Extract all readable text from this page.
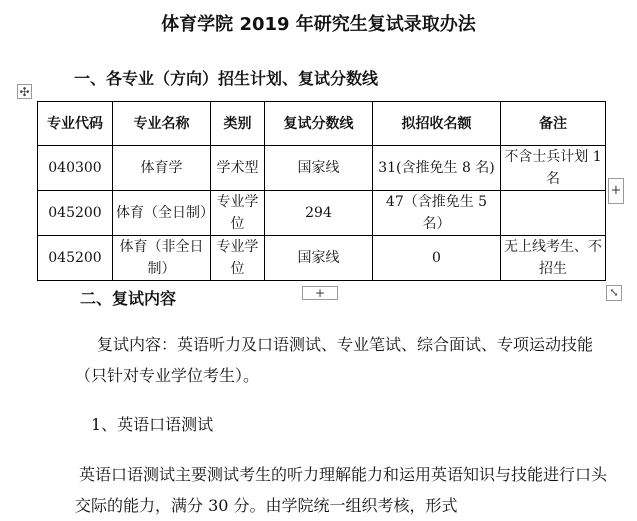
体育学院 2019 年研究生复试录取办法
✣
一、各专业（方向）招生计划、复试分数线
专业代码	专业名称	类别	复试分数线	拟招收名额	备注
040300	体育学	学术型	国家线	31(含推免生 8 名)	不含士兵计划 1 名
045200	体育（全日制）	专业学位	294	47（含推免生 5 名）	
045200	体育（非全日制）	专业学位	国家线	0	无上线考生、不招生
+
+	⤡
二、复试内容
复试内容：英语听力及口语测试、专业笔试、综合面试、专项运动技能（只针对专业学位考生）。
1、英语口语测试
英语口语测试主要测试考生的听力理解能力和运用英语知识与技能进行口头交际的能力，满分 30 分。由学院统一组织考核，形式
